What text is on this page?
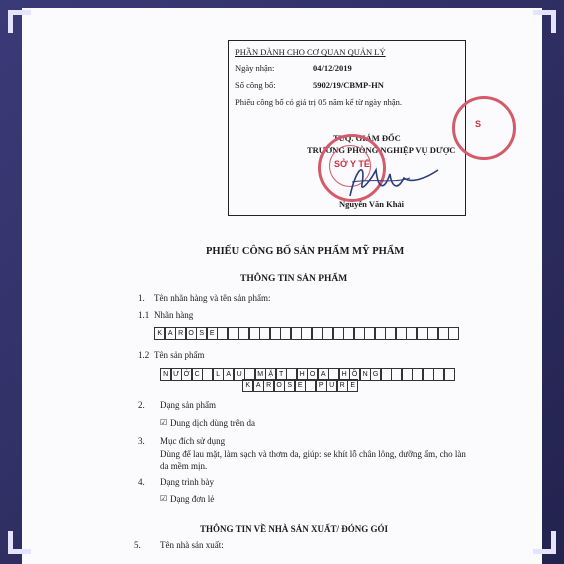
PHẦN DÀNH CHO CƠ QUAN QUẢN LÝ
Ngày nhận:	04/12/2019
Số công bố:	5902/19/CBMP-HN
Phiếu công bố có giá trị 05 năm kể từ ngày nhận.
TUQ. GIÁM ĐỐC
TRƯỞNG PHÒNG NGHIỆP VỤ DƯỢC
Nguyễn Văn Khải
SỞ Y TẾ
S
PHIẾU CÔNG BỐ SẢN PHẨM MỸ PHẨM
THÔNG TIN SẢN PHẨM
1. Tên nhãn hàng và tên sản phẩm:
1.1 Nhãn hàng
K A R O S E
1.2 Tên sản phẩm
N Ư Ớ C	L A U	M Ặ T	H O A	H Ồ N G
K A R O S E	P U R E
2. Dạng sản phẩm
☑ Dung dịch dùng trên da
3. Mục đích sử dụng
Dùng để lau mặt, làm sạch và thơm da, giúp: se khít lỗ chân lông, dưỡng ẩm, cho làn
da mềm mịn.
4. Dạng trình bày
☑ Dạng đơn lẻ
THÔNG TIN VỀ NHÀ SẢN XUẤT/ ĐÓNG GÓI
5. Tên nhà sản xuất:
